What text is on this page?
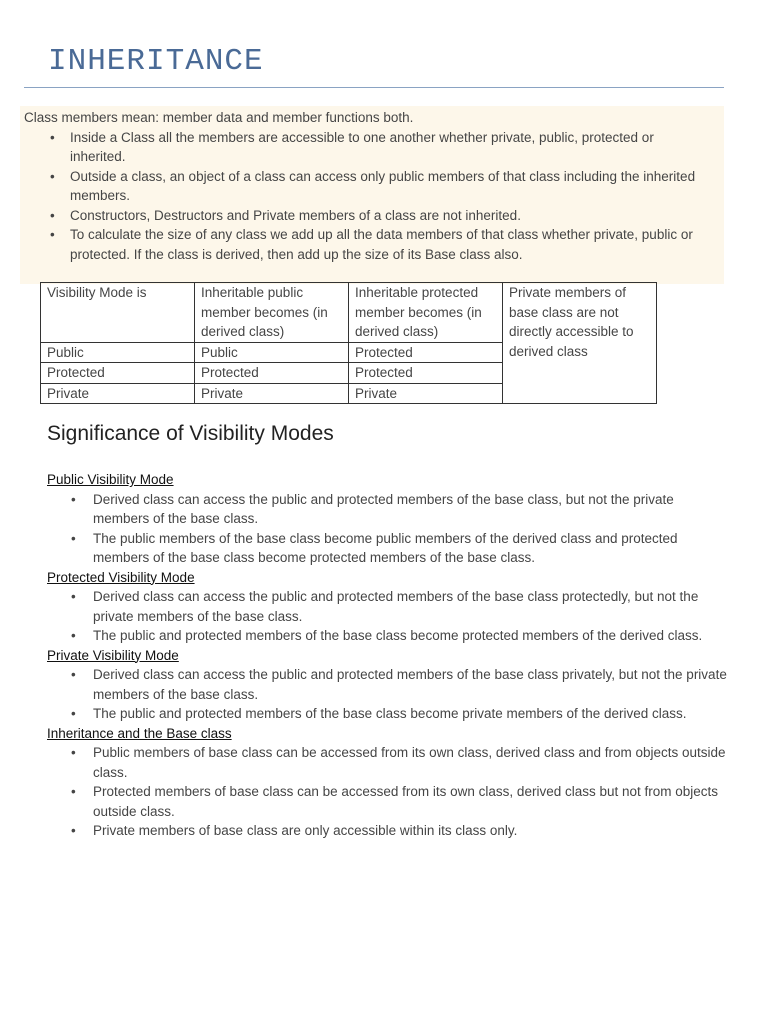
INHERITANCE

Class members mean: member data and member functions both.

• Inside a Class all the members are accessible to one another whether private, public, protected or inherited.
• Outside a class, an object of a class can access only public members of that class including the inherited members.
• Constructors, Destructors and Private members of a class are not inherited.
• To calculate the size of any class we add up all the data members of that class whether private, public or protected. If the class is derived, then add up the size of its Base class also.
Visibility Mode is	Inheritable public member becomes (in derived class)	Inheritable protected member becomes (in derived class)	Private members of base class are not directly accessible to derived class
Public	Public	Protected	
Protected	Protected	Protected	
Private	Private	Private	
Significance of Visibility Modes

Public Visibility Mode

• Derived class can access the public and protected members of the base class, but not the private members of the base class.
• The public members of the base class become public members of the derived class and protected members of the base class become protected members of the base class.

Protected Visibility Mode

• Derived class can access the public and protected members of the base class protectedly, but not the private members of the base class.
• The public and protected members of the base class become protected members of the derived class.

Private Visibility Mode

• Derived class can access the public and protected members of the base class privately, but not the private members of the base class.
• The public and protected members of the base class become private members of the derived class.

Inheritance and the Base class

• Public members of base class can be accessed from its own class, derived class and from objects outside class.
• Protected members of base class can be accessed from its own class, derived class but not from objects outside class.
• Private members of base class are only accessible within its class only.
